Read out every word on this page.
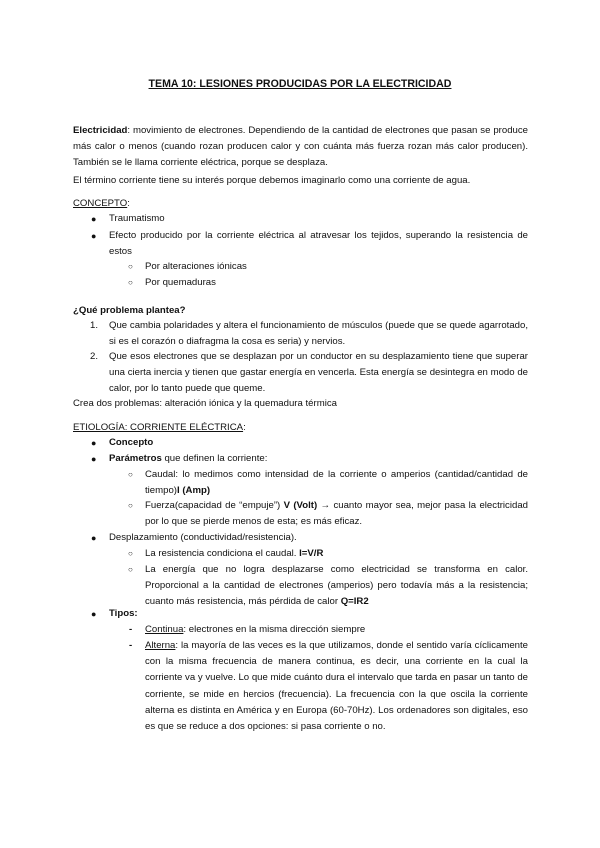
TEMA 10: LESIONES PRODUCIDAS POR LA ELECTRICIDAD
Electricidad: movimiento de electrones. Dependiendo de la cantidad de electrones que pasan se produce más calor o menos (cuando rozan producen calor y con cuánta más fuerza rozan más calor producen). También se le llama corriente eléctrica, porque se desplaza.
El término corriente tiene su interés porque debemos imaginarlo como una corriente de agua.
CONCEPTO:
● Traumatismo
● Efecto producido por la corriente eléctrica al atravesar los tejidos, superando la resistencia de estos
○ Por alteraciones iónicas
○ Por quemaduras
¿Qué problema plantea?
1. Que cambia polaridades y altera el funcionamiento de músculos (puede que se quede agarrotado, si es el corazón o diafragma la cosa es seria) y nervios.
2. Que esos electrones que se desplazan por un conductor en su desplazamiento tiene que superar una cierta inercia y tienen que gastar energía en vencerla. Esta energía se desintegra en modo de calor, por lo tanto puede que queme.
Crea dos problemas: alteración iónica y la quemadura térmica
ETIOLOGÍA: CORRIENTE ELÉCTRICA:
● Concepto
● Parámetros que definen la corriente:
○ Caudal: lo medimos como intensidad de la corriente o amperios (cantidad/cantidad de tiempo)I (Amp)
○ Fuerza(capacidad de “empuje”) V (Volt) → cuanto mayor sea, mejor pasa la electricidad por lo que se pierde menos de esta; es más eficaz.
● Desplazamiento (conductividad/resistencia).
○ La resistencia condiciona el caudal. I=V/R
○ La energía que no logra desplazarse como electricidad se transforma en calor. Proporcional a la cantidad de electrones (amperios) pero todavía más a la resistencia; cuanto más resistencia, más pérdida de calor Q=IR2
● Tipos:
- Continua: electrones en la misma dirección siempre
- Alterna: la mayoría de las veces es la que utilizamos, donde el sentido varía cíclicamente con la misma frecuencia de manera continua, es decir, una corriente en la cual la corriente va y vuelve. Lo que mide cuánto dura el intervalo que tarda en pasar un tanto de corriente, se mide en hercios (frecuencia). La frecuencia con la que oscila la corriente alterna es distinta en América y en Europa (60-70Hz). Los ordenadores son digitales, eso es que se reduce a dos opciones: si pasa corriente o no.
